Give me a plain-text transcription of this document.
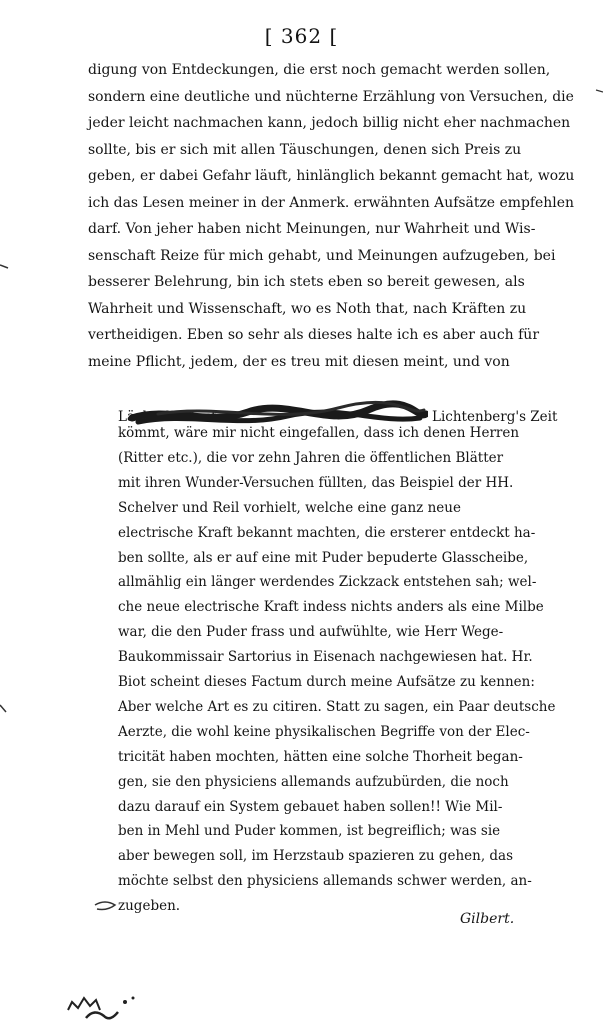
[ 362 [
digung von Entdeckungen, die erst noch gemacht werden sollen,
sondern eine deutliche und nüchterne Erzählung von Versuchen, die
jeder leicht nachmachen kann, jedoch billig nicht eher nachmachen
sollte, bis er sich mit allen Täuschungen, denen sich Preis zu
geben, er dabei Gefahr läuft, hinlänglich bekannt gemacht hat, wozu
ich das Lesen meiner in der Anmerk. erwähnten Aufsätze empfehlen
darf. Von jeher haben nicht Meinungen, nur Wahrheit und Wis-
senschaft Reize für mich gehabt, und Meinungen aufzugeben, bei
besserer Belehrung, bin ich stets eben so bereit gewesen, als
Wahrheit und Wissenschaft, wo es Noth that, nach Kräften zu
vertheidigen. Eben so sehr als dieses halte ich es aber auch für
meine Pflicht, jedem, der es treu mit diesen meint, und von
Lächerlichkeiten	Lichtenberg's Zeit
kömmt, wäre mir nicht eingefallen, dass ich denen Herren
(Ritter etc.), die vor zehn Jahren die öffentlichen Blätter
mit ihren Wunder-Versuchen füllten, das Beispiel der HH.
Schelver und Reil vorhielt, welche eine ganz neue
electrische Kraft bekannt machten, die ersterer entdeckt ha-
ben sollte, als er auf eine mit Puder bepuderte Glasscheibe,
allmählig ein länger werdendes Zickzack entstehen sah; wel-
che neue electrische Kraft indess nichts anders als eine Milbe
war, die den Puder frass und aufwühlte, wie Herr Wege-
Baukommissair Sartorius in Eisenach nachgewiesen hat. Hr.
Biot scheint dieses Factum durch meine Aufsätze zu kennen:
Aber welche Art es zu citiren. Statt zu sagen, ein Paar deutsche
Aerzte, die wohl keine physikalischen Begriffe von der Elec-
tricität haben mochten, hätten eine solche Thorheit began-
gen, sie den physiciens allemands aufzubürden, die noch
dazu darauf ein System gebauet haben sollen!! Wie Mil-
ben in Mehl und Puder kommen, ist begreiflich; was sie
aber bewegen soll, im Herzstaub spazieren zu gehen, das
möchte selbst den physiciens allemands schwer werden, an-
zugeben.
Gilbert.
